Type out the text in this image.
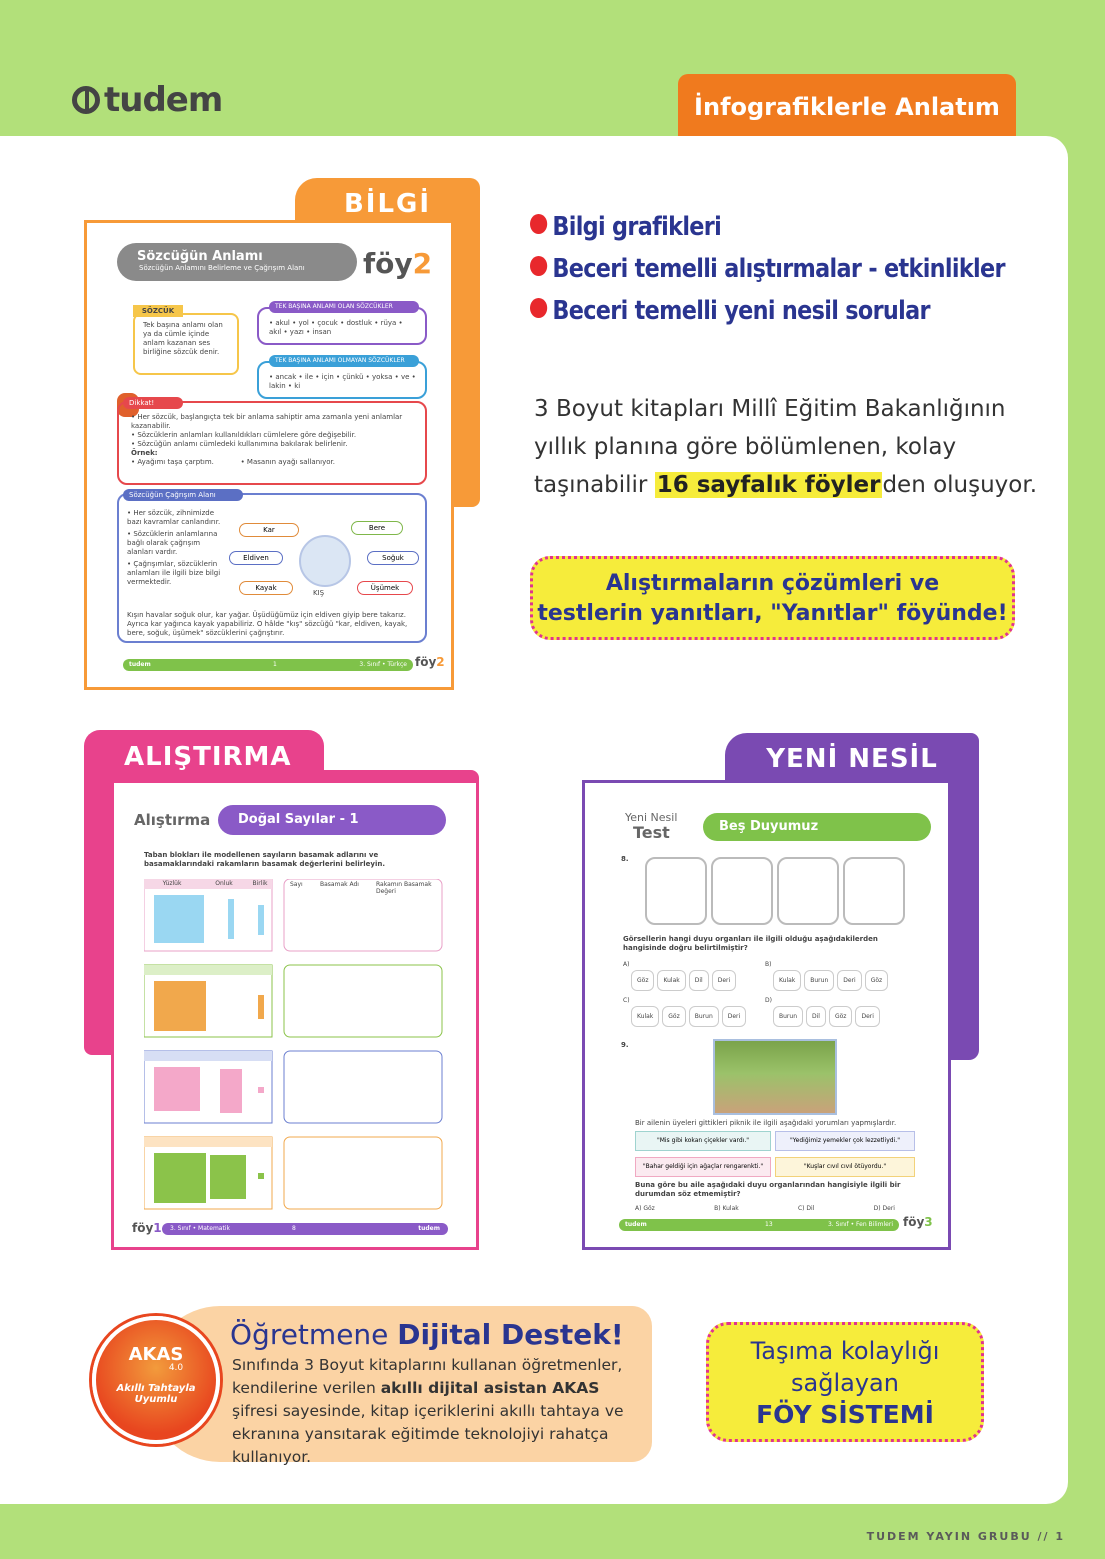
tudem	İnfografiklerle Anlatım
BİLGİ
Sözcüğün Anlamı
Sözcüğün Anlamını Belirleme ve Çağrışım Alanı	föy2
SÖZCÜK
Tek başına anlamı olan ya da cümle içinde anlam kazanan ses birliğine sözcük denir.
TEK BAŞINA ANLAMI OLAN SÖZCÜKLER
• akul • yol • çocuk • dostluk • rüya • akıl • yazı • insan
TEK BAŞINA ANLAMI OLMAYAN SÖZCÜKLER
• ancak • ile • için • çünkü • yoksa • ve • lakin • ki
Dikkat!
• Her sözcük, başlangıçta tek bir anlama sahiptir ama zamanla yeni anlamlar kazanabilir.
• Sözcüklerin anlamları kullanıldıkları cümlelere göre değişebilir.
• Sözcüğün anlamı cümledeki kullanımına bakılarak belirlenir.
Örnek:
• Ayağımı taşa çarptım.	• Masanın ayağı sallanıyor.
Sözcüğün Çağrışım Alanı
• Her sözcük, zihnimizde bazı kavramlar canlandırır.
• Sözcüklerin anlamlarına bağlı olarak çağrışım alanları vardır.
• Çağrışımlar, sözcüklerin anlamları ile ilgili bize bilgi vermektedir.
KIŞ
Kar	Bere
Eldiven	Soğuk
Kayak	Üşümek
Kışın havalar soğuk olur, kar yağar. Üşüdüğümüz için eldiven giyip bere takarız. Ayrıca kar yağınca kayak yapabiliriz. O hâlde "kış" sözcüğü "kar, eldiven, kayak, bere, soğuk, üşümek" sözcüklerini çağrıştırır.
tudem	1	3. Sınıf • Türkçe föy2
Bilgi grafikleri
Beceri temelli alıştırmalar - etkinlikler
Beceri temelli yeni nesil sorular
3 Boyut kitapları Millî Eğitim Bakanlığının yıllık planına göre bölümlenen, kolay taşınabilir 16 sayfalık föylerden oluşuyor.
Alıştırmaların çözümleri ve
testlerin yanıtları, "Yanıtlar" föyünde!
ALIŞTIRMA
Alıştırma	Doğal Sayılar - 1
Taban blokları ile modellenen sayıların basamak adlarını ve basamaklarındaki rakamların basamak değerlerini belirleyin.
Yüzlük	Onluk	Birlik	Sayı	Basamak Adı	Rakamın Basamak Değeri
föy1 3. Sınıf • Matematik	8	tudem
YENİ NESİL
Yeni Nesil
Test	Beş Duyumuz
8.
Görsellerin hangi duyu organları ile ilgili olduğu aşağıdakilerden hangisinde doğru belirtilmiştir?
A)
Göz	Kulak	Dil	Deri
B)
Kulak	Burun	Deri	Göz
C)
Kulak	Göz	Burun	Deri
D)
Burun	Dil	Göz	Deri
9.
Bir ailenin üyeleri gittikleri piknik ile ilgili aşağıdaki yorumları yapmışlardır.
"Mis gibi kokan çiçekler vardı."	"Yediğimiz yemekler çok lezzetliydi."
"Bahar geldiği için ağaçlar rengarenkti."	"Kuşlar cıvıl cıvıl ötüyordu."
Buna göre bu aile aşağıdaki duyu organlarından hangisiyle ilgili bir durumdan söz etmemiştir?
A) Göz	B) Kulak	C) Dil	D) Deri
tudem	13	3. Sınıf • Fen Bilimleri föy3
AKAS
4.0
Akıllı Tahtayla
Uyumlu
Öğretmene Dijital Destek!
Sınıfında 3 Boyut kitaplarını kullanan öğretmenler, kendilerine verilen akıllı dijital asistan AKAS şifresi sayesinde, kitap içeriklerini akıllı tahtaya ve ekranına yansıtarak eğitimde teknolojiyi rahatça kullanıyor.
Taşıma kolaylığı
sağlayan
FÖY SİSTEMİ
TUDEM YAYIN GRUBU // 1
